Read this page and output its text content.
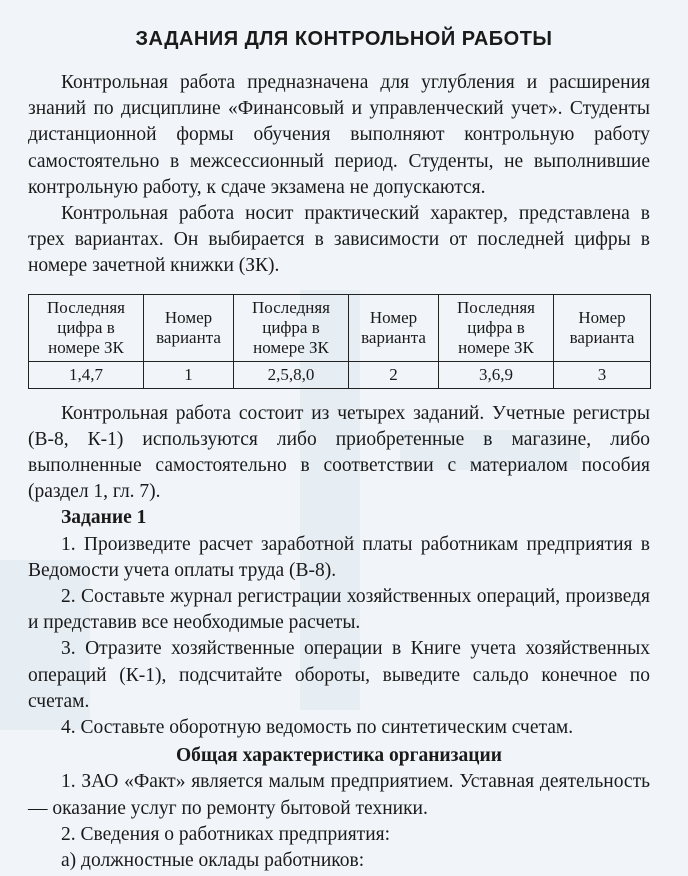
ЗАДАНИЯ ДЛЯ КОНТРОЛЬНОЙ РАБОТЫ

Контрольная работа предназначена для углубления и расширения знаний по дисциплине «Финансовый и управленческий учет». Студенты дистанционной формы обучения выполняют контрольную работу самостоятельно в межсессионный период. Студенты, не выполнившие контрольную работу, к сдаче экзамена не допускаются.

Контрольная работа носит практический характер, представлена в трех вариантах. Он выбирается в зависимости от последней цифры в номере зачетной книжки (ЗК).

Последняя цифра в номере ЗК	Номер варианта	Последняя цифра в номере ЗК	Номер варианта	Последняя цифра в номере ЗК	Номер варианта
1,4,7	1	2,5,8,0	2	3,6,9	3

Контрольная работа состоит из четырех заданий. Учетные регистры (В-8, К-1) используются либо приобретенные в магазине, либо выполненные самостоятельно в соответствии с материалом пособия (раздел 1, гл. 7).

Задание 1

1. Произведите расчет заработной платы работникам предприятия в Ведомости учета оплаты труда (В-8).

2. Составьте журнал регистрации хозяйственных операций, произведя и представив все необходимые расчеты.

3. Отразите хозяйственные операции в Книге учета хозяйственных операций (К-1), подсчитайте обороты, выведите сальдо конечное по счетам.

4. Составьте оборотную ведомость по синтетическим счетам.

Общая характеристика организации

1. ЗАО «Факт» является малым предприятием. Уставная деятельность — оказание услуг по ремонту бытовой техники.

2. Сведения о работниках предприятия:

а) должностные оклады работников:
